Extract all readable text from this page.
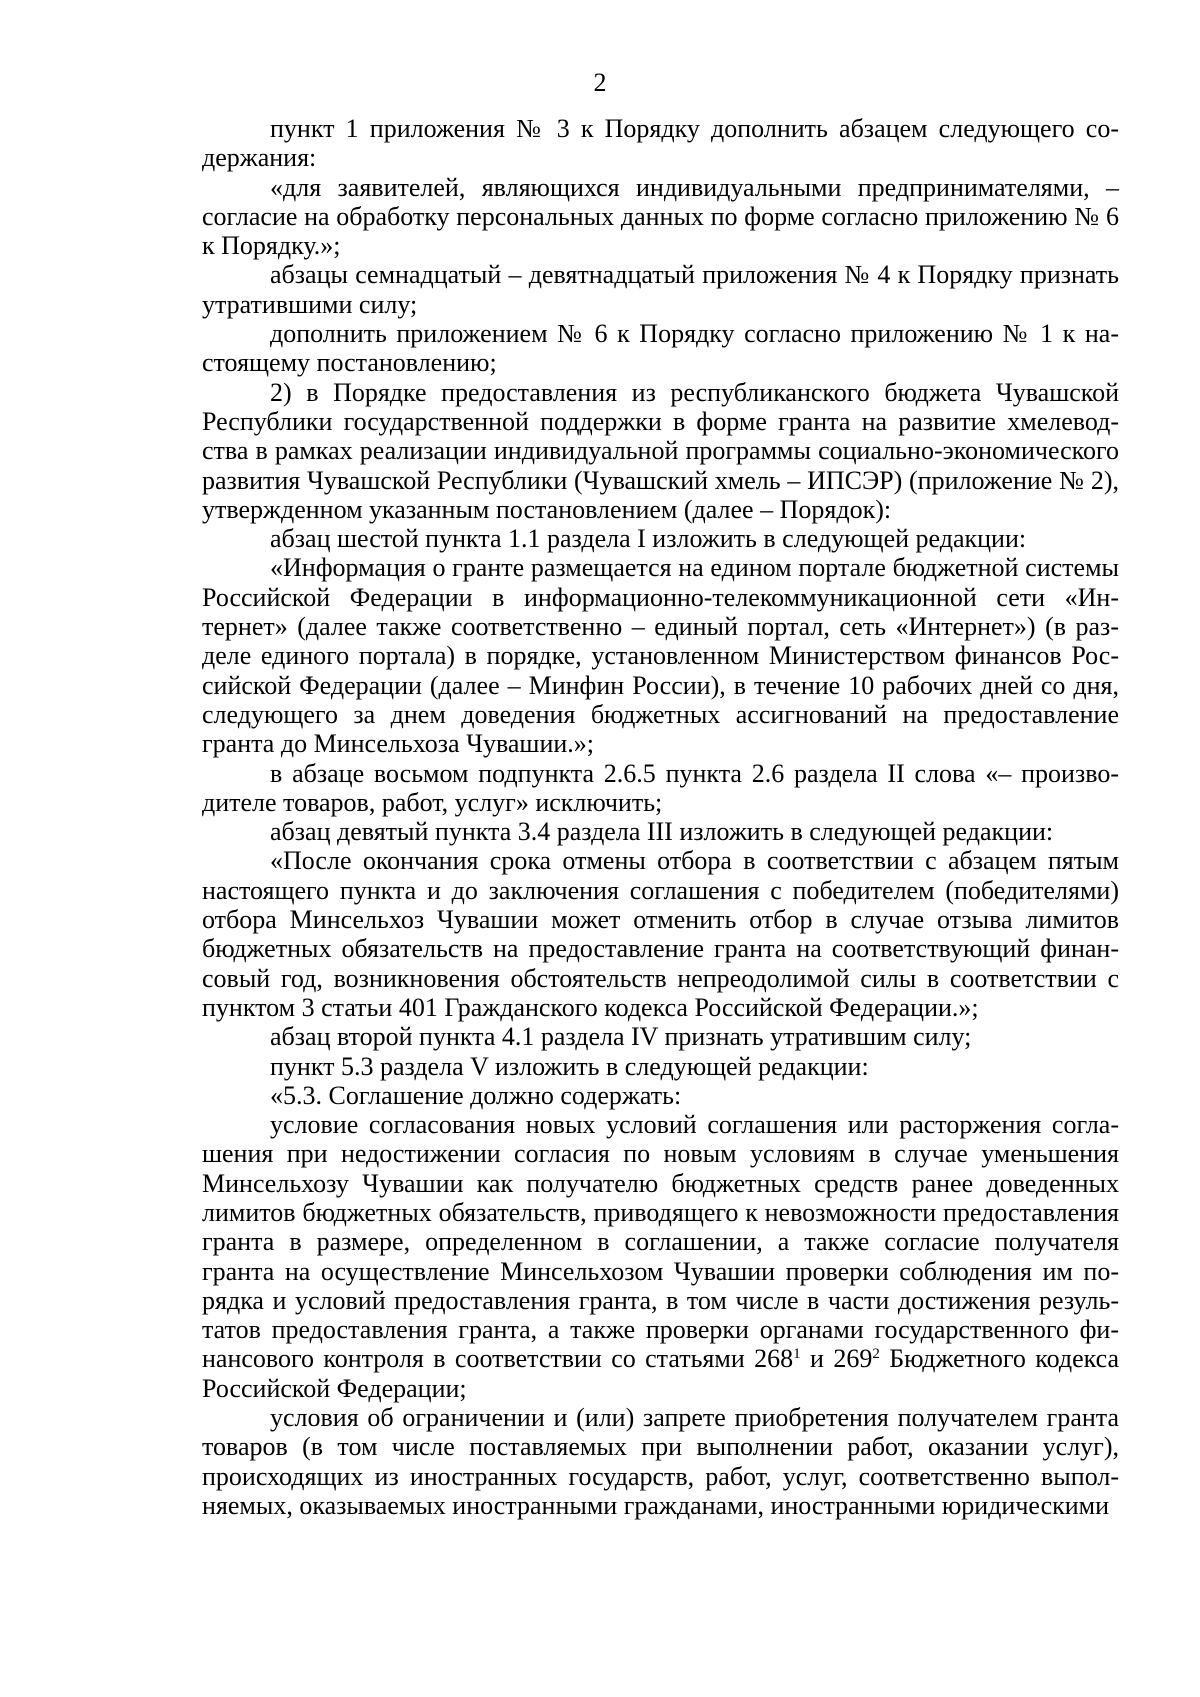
2

пункт 1 приложения № 3 к Порядку дополнить абзацем следующего содержания:

«для заявителей, являющихся индивидуальными предпринимателями, – согласие на обработку персональных данных по форме согласно приложению № 6 к Порядку.»;

абзацы семнадцатый – девятнадцатый приложения № 4 к Порядку признать утратившими силу;

дополнить приложением № 6 к Порядку согласно приложению № 1 к настоящему постановлению;

2) в Порядке предоставления из республиканского бюджета Чувашской Республики государственной поддержки в форме гранта на развитие хмелеводства в рамках реализации индивидуальной программы социально-экономического развития Чувашской Республики (Чувашский хмель – ИПСЭР) (приложение № 2), утвержденном указанным постановлением (далее – Порядок):

абзац шестой пункта 1.1 раздела I изложить в следующей редакции:

«Информация о гранте размещается на едином портале бюджетной системы Российской Федерации в информационно-телекоммуникационной сети «Интернет» (далее также соответственно – единый портал, сеть «Интернет») (в разделе единого портала) в порядке, установленном Министерством финансов Российской Федерации (далее – Минфин России), в течение 10 рабочих дней со дня, следующего за днем доведения бюджетных ассигнований на предоставление гранта до Минсельхоза Чувашии.»;

в абзаце восьмом подпункта 2.6.5 пункта 2.6 раздела II слова «– производителе товаров, работ, услуг» исключить;

абзац девятый пункта 3.4 раздела III изложить в следующей редакции:

«После окончания срока отмены отбора в соответствии с абзацем пятым настоящего пункта и до заключения соглашения с победителем (победителями) отбора Минсельхоз Чувашии может отменить отбор в случае отзыва лимитов бюджетных обязательств на предоставление гранта на соответствующий финансовый год, возникновения обстоятельств непреодолимой силы в соответствии с пунктом 3 статьи 401 Гражданского кодекса Российской Федерации.»;

абзац второй пункта 4.1 раздела IV признать утратившим силу;

пункт 5.3 раздела V изложить в следующей редакции:

«5.3. Соглашение должно содержать:

условие согласования новых условий соглашения или расторжения соглашения при недостижении согласия по новым условиям в случае уменьшения Минсельхозу Чувашии как получателю бюджетных средств ранее доведенных лимитов бюджетных обязательств, приводящего к невозможности предоставления гранта в размере, определенном в соглашении, а также согласие получателя гранта на осуществление Минсельхозом Чувашии проверки соблюдения им порядка и условий предоставления гранта, в том числе в части достижения результатов предоставления гранта, а также проверки органами государственного финансового контроля в соответствии со статьями $268^1$ и $269^2$ Бюджетного кодекса Российской Федерации;

условия об ограничении и (или) запрете приобретения получателем гранта товаров (в том числе поставляемых при выполнении работ, оказании услуг), происходящих из иностранных государств, работ, услуг, соответственно выполняемых, оказываемых иностранными гражданами, иностранными юридическими
